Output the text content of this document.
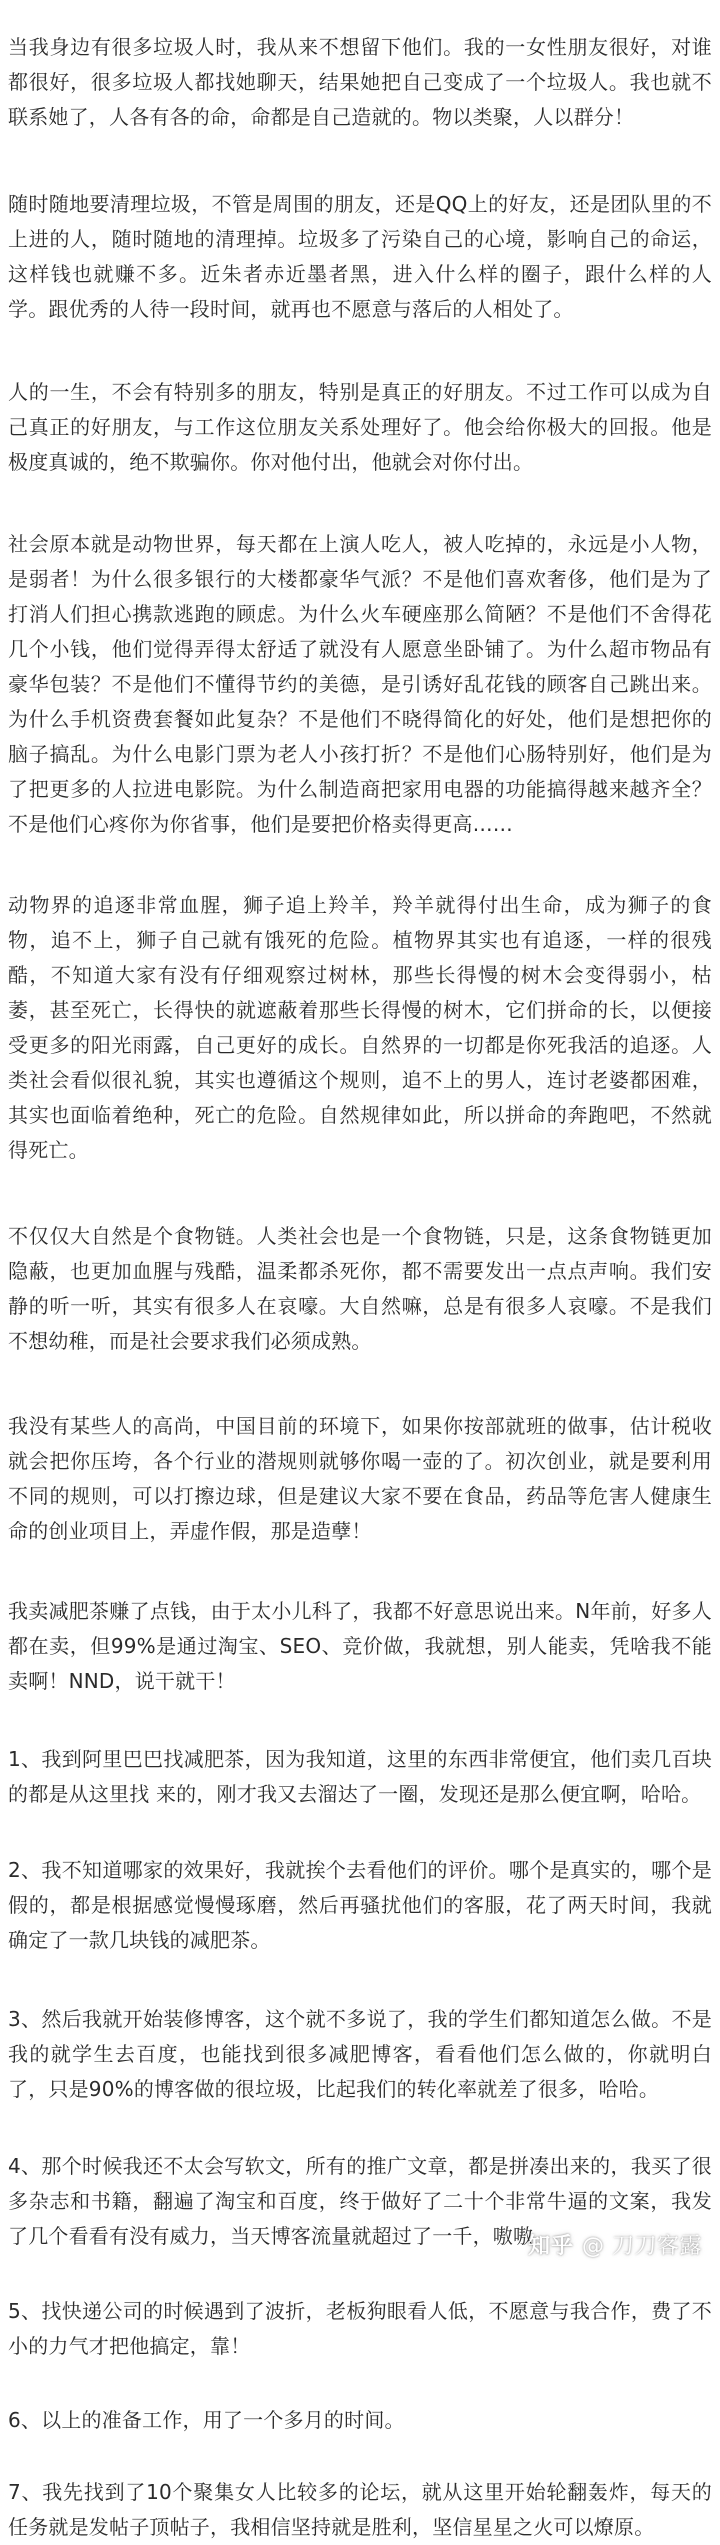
当我身边有很多垃圾人时，我从来不想留下他们。我的一女性朋友很好，对谁都很好，很多垃圾人都找她聊天，结果她把自己变成了一个垃圾人。我也就不联系她了，人各有各的命，命都是自己造就的。物以类聚，人以群分！

随时随地要清理垃圾，不管是周围的朋友，还是QQ上的好友，还是团队里的不上进的人，随时随地的清理掉。垃圾多了污染自己的心境，影响自己的命运，这样钱也就赚不多。近朱者赤近墨者黑，进入什么样的圈子，跟什么样的人学。跟优秀的人待一段时间，就再也不愿意与落后的人相处了。

人的一生，不会有特别多的朋友，特别是真正的好朋友。不过工作可以成为自己真正的好朋友，与工作这位朋友关系处理好了。他会给你极大的回报。他是极度真诚的，绝不欺骗你。你对他付出，他就会对你付出。

社会原本就是动物世界，每天都在上演人吃人，被人吃掉的，永远是小人物，是弱者！为什么很多银行的大楼都豪华气派？不是他们喜欢奢侈，他们是为了打消人们担心携款逃跑的顾虑。为什么火车硬座那么简陋？不是他们不舍得花几个小钱，他们觉得弄得太舒适了就没有人愿意坐卧铺了。为什么超市物品有豪华包装？不是他们不懂得节约的美德，是引诱好乱花钱的顾客自己跳出来。为什么手机资费套餐如此复杂？不是他们不晓得简化的好处，他们是想把你的脑子搞乱。为什么电影门票为老人小孩打折？不是他们心肠特别好，他们是为了把更多的人拉进电影院。为什么制造商把家用电器的功能搞得越来越齐全？不是他们心疼你为你省事，他们是要把价格卖得更高……

动物界的追逐非常血腥，狮子追上羚羊，羚羊就得付出生命，成为狮子的食物，追不上，狮子自己就有饿死的危险。植物界其实也有追逐，一样的很残酷，不知道大家有没有仔细观察过树林，那些长得慢的树木会变得弱小，枯萎，甚至死亡，长得快的就遮蔽着那些长得慢的树木，它们拼命的长，以便接受更多的阳光雨露，自己更好的成长。自然界的一切都是你死我活的追逐。人类社会看似很礼貌，其实也遵循这个规则，追不上的男人，连讨老婆都困难，其实也面临着绝种，死亡的危险。自然规律如此，所以拼命的奔跑吧，不然就得死亡。

不仅仅大自然是个食物链。人类社会也是一个食物链，只是，这条食物链更加隐蔽，也更加血腥与残酷，温柔都杀死你，都不需要发出一点点声响。我们安静的听一听，其实有很多人在哀嚎。大自然嘛，总是有很多人哀嚎。不是我们不想幼稚，而是社会要求我们必须成熟。

我没有某些人的高尚，中国目前的环境下，如果你按部就班的做事，估计税收就会把你压垮，各个行业的潜规则就够你喝一壶的了。初次创业，就是要利用不同的规则，可以打擦边球，但是建议大家不要在食品，药品等危害人健康生命的创业项目上，弄虚作假，那是造孽！

我卖减肥茶赚了点钱，由于太小儿科了，我都不好意思说出来。N年前，好多人都在卖，但99%是通过淘宝、SEO、竞价做，我就想，别人能卖，凭啥我不能卖啊！NND，说干就干！

1、我到阿里巴巴找减肥茶，因为我知道，这里的东西非常便宜，他们卖几百块的都是从这里找 来的，刚才我又去溜达了一圈，发现还是那么便宜啊，哈哈。

2、我不知道哪家的效果好，我就挨个去看他们的评价。哪个是真实的，哪个是假的，都是根据感觉慢慢琢磨，然后再骚扰他们的客服，花了两天时间，我就确定了一款几块钱的减肥茶。

3、然后我就开始装修博客，这个就不多说了，我的学生们都知道怎么做。不是我的就学生去百度，也能找到很多减肥博客，看看他们怎么做的，你就明白了，只是90%的博客做的很垃圾，比起我们的转化率就差了很多，哈哈。

4、那个时候我还不太会写软文，所有的推广文章，都是拼凑出来的，我买了很多杂志和书籍，翻遍了淘宝和百度，终于做好了二十个非常牛逼的文案，我发了几个看看有没有威力，当天博客流量就超过了一千，嗷嗷

5、找快递公司的时候遇到了波折，老板狗眼看人低，不愿意与我合作，费了不小的力气才把他搞定，靠！

6、以上的准备工作，用了一个多月的时间。

7、我先找到了10个聚集女人比较多的论坛，就从这里开始轮翻轰炸，每天的任务就是发帖子顶帖子，我相信坚持就是胜利，坚信星星之火可以燎原。

知乎 @ 刀刀客露
